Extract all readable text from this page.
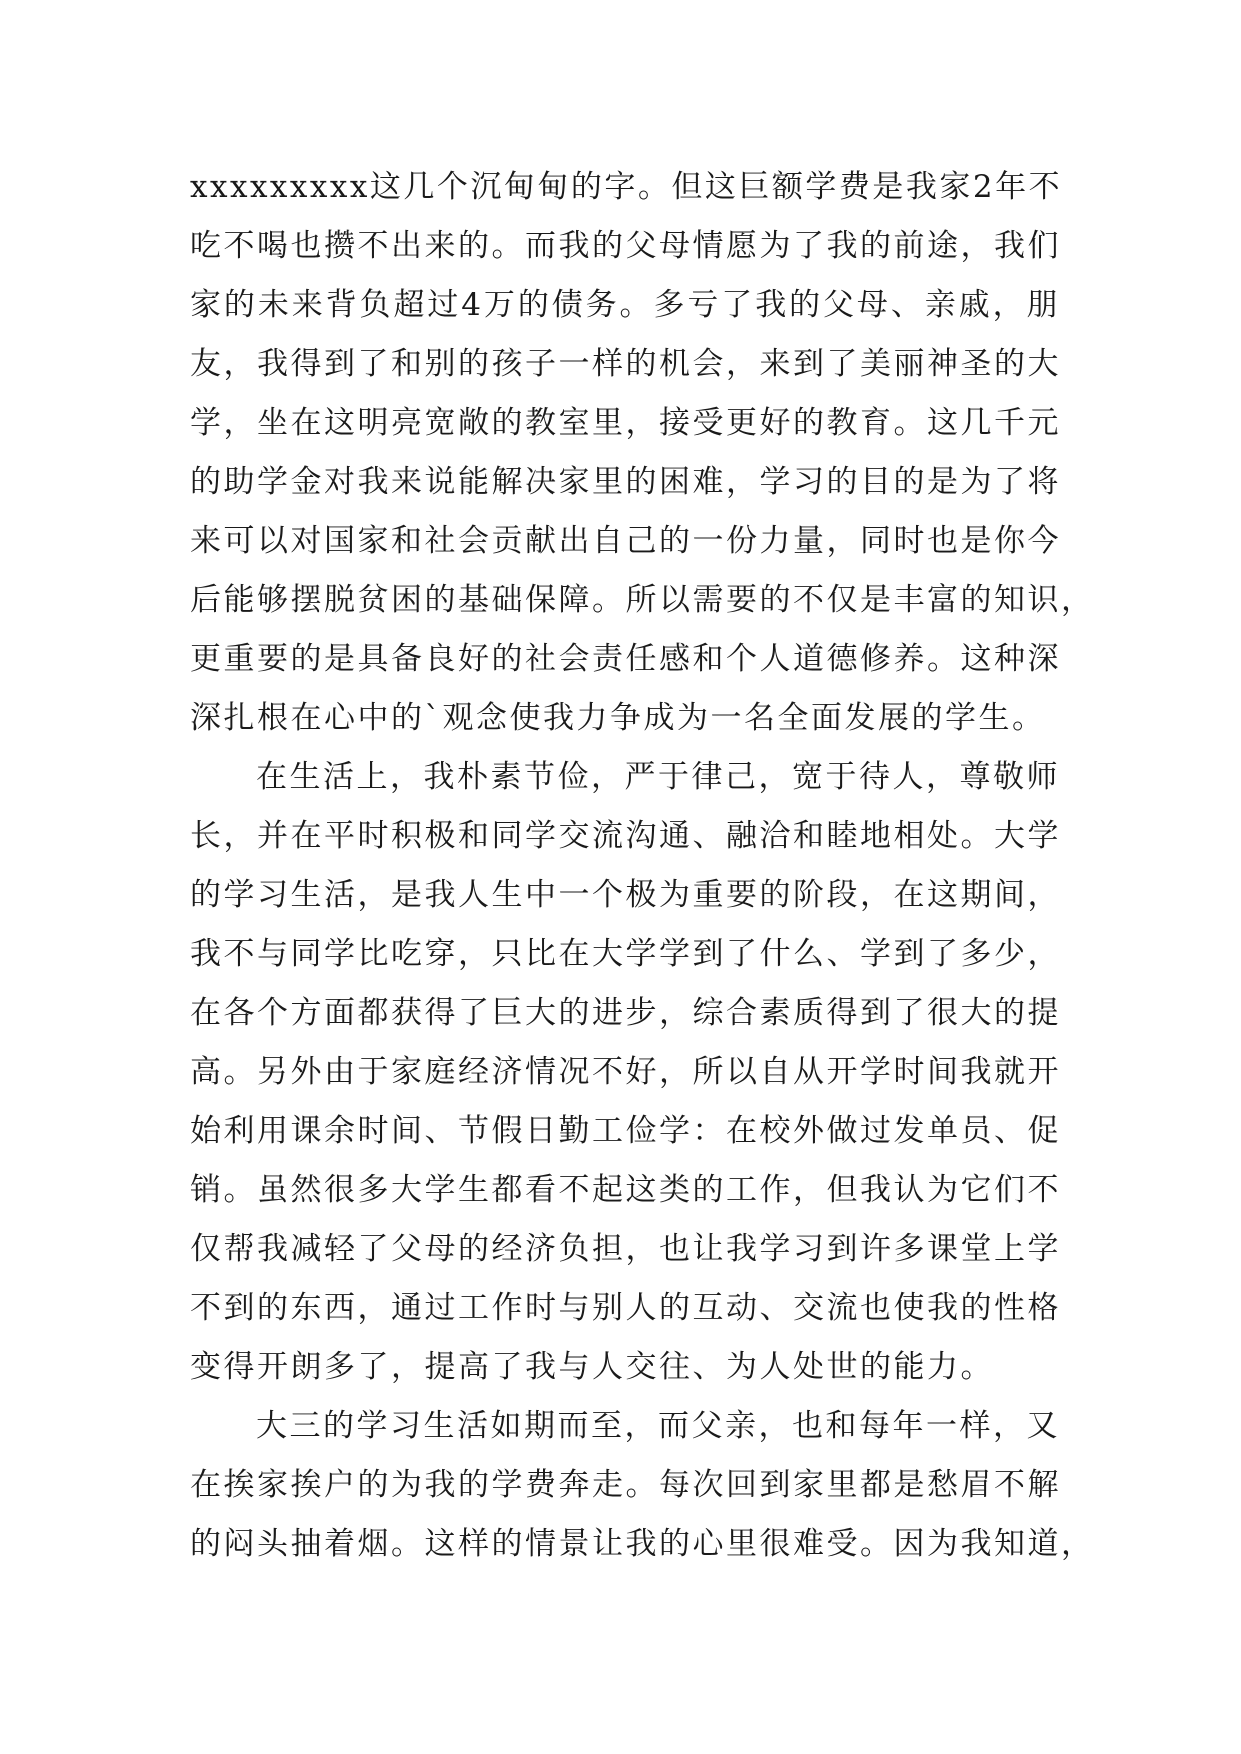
xxxxxxxxx这几个沉甸甸的字。但这巨额学费是我家2年不
吃不喝也攒不出来的。而我的父母情愿为了我的前途，我们
家的未来背负超过4万的债务。多亏了我的父母、亲戚，朋
友，我得到了和别的孩子一样的机会，来到了美丽神圣的大
学，坐在这明亮宽敞的教室里，接受更好的教育。这几千元
的助学金对我来说能解决家里的困难，学习的目的是为了将
来可以对国家和社会贡献出自己的一份力量，同时也是你今
后能够摆脱贫困的基础保障。所以需要的不仅是丰富的知识，
更重要的是具备良好的社会责任感和个人道德修养。这种深
深扎根在心中的`观念使我力争成为一名全面发展的学生。
在生活上，我朴素节俭，严于律己，宽于待人，尊敬师
长，并在平时积极和同学交流沟通、融洽和睦地相处。大学
的学习生活，是我人生中一个极为重要的阶段，在这期间，
我不与同学比吃穿，只比在大学学到了什么、学到了多少，
在各个方面都获得了巨大的进步，综合素质得到了很大的提
高。另外由于家庭经济情况不好，所以自从开学时间我就开
始利用课余时间、节假日勤工俭学：在校外做过发单员、促
销。虽然很多大学生都看不起这类的工作，但我认为它们不
仅帮我减轻了父母的经济负担，也让我学习到许多课堂上学
不到的东西，通过工作时与别人的互动、交流也使我的性格
变得开朗多了，提高了我与人交往、为人处世的能力。
大三的学习生活如期而至，而父亲，也和每年一样，又
在挨家挨户的为我的学费奔走。每次回到家里都是愁眉不解
的闷头抽着烟。这样的情景让我的心里很难受。因为我知道，
